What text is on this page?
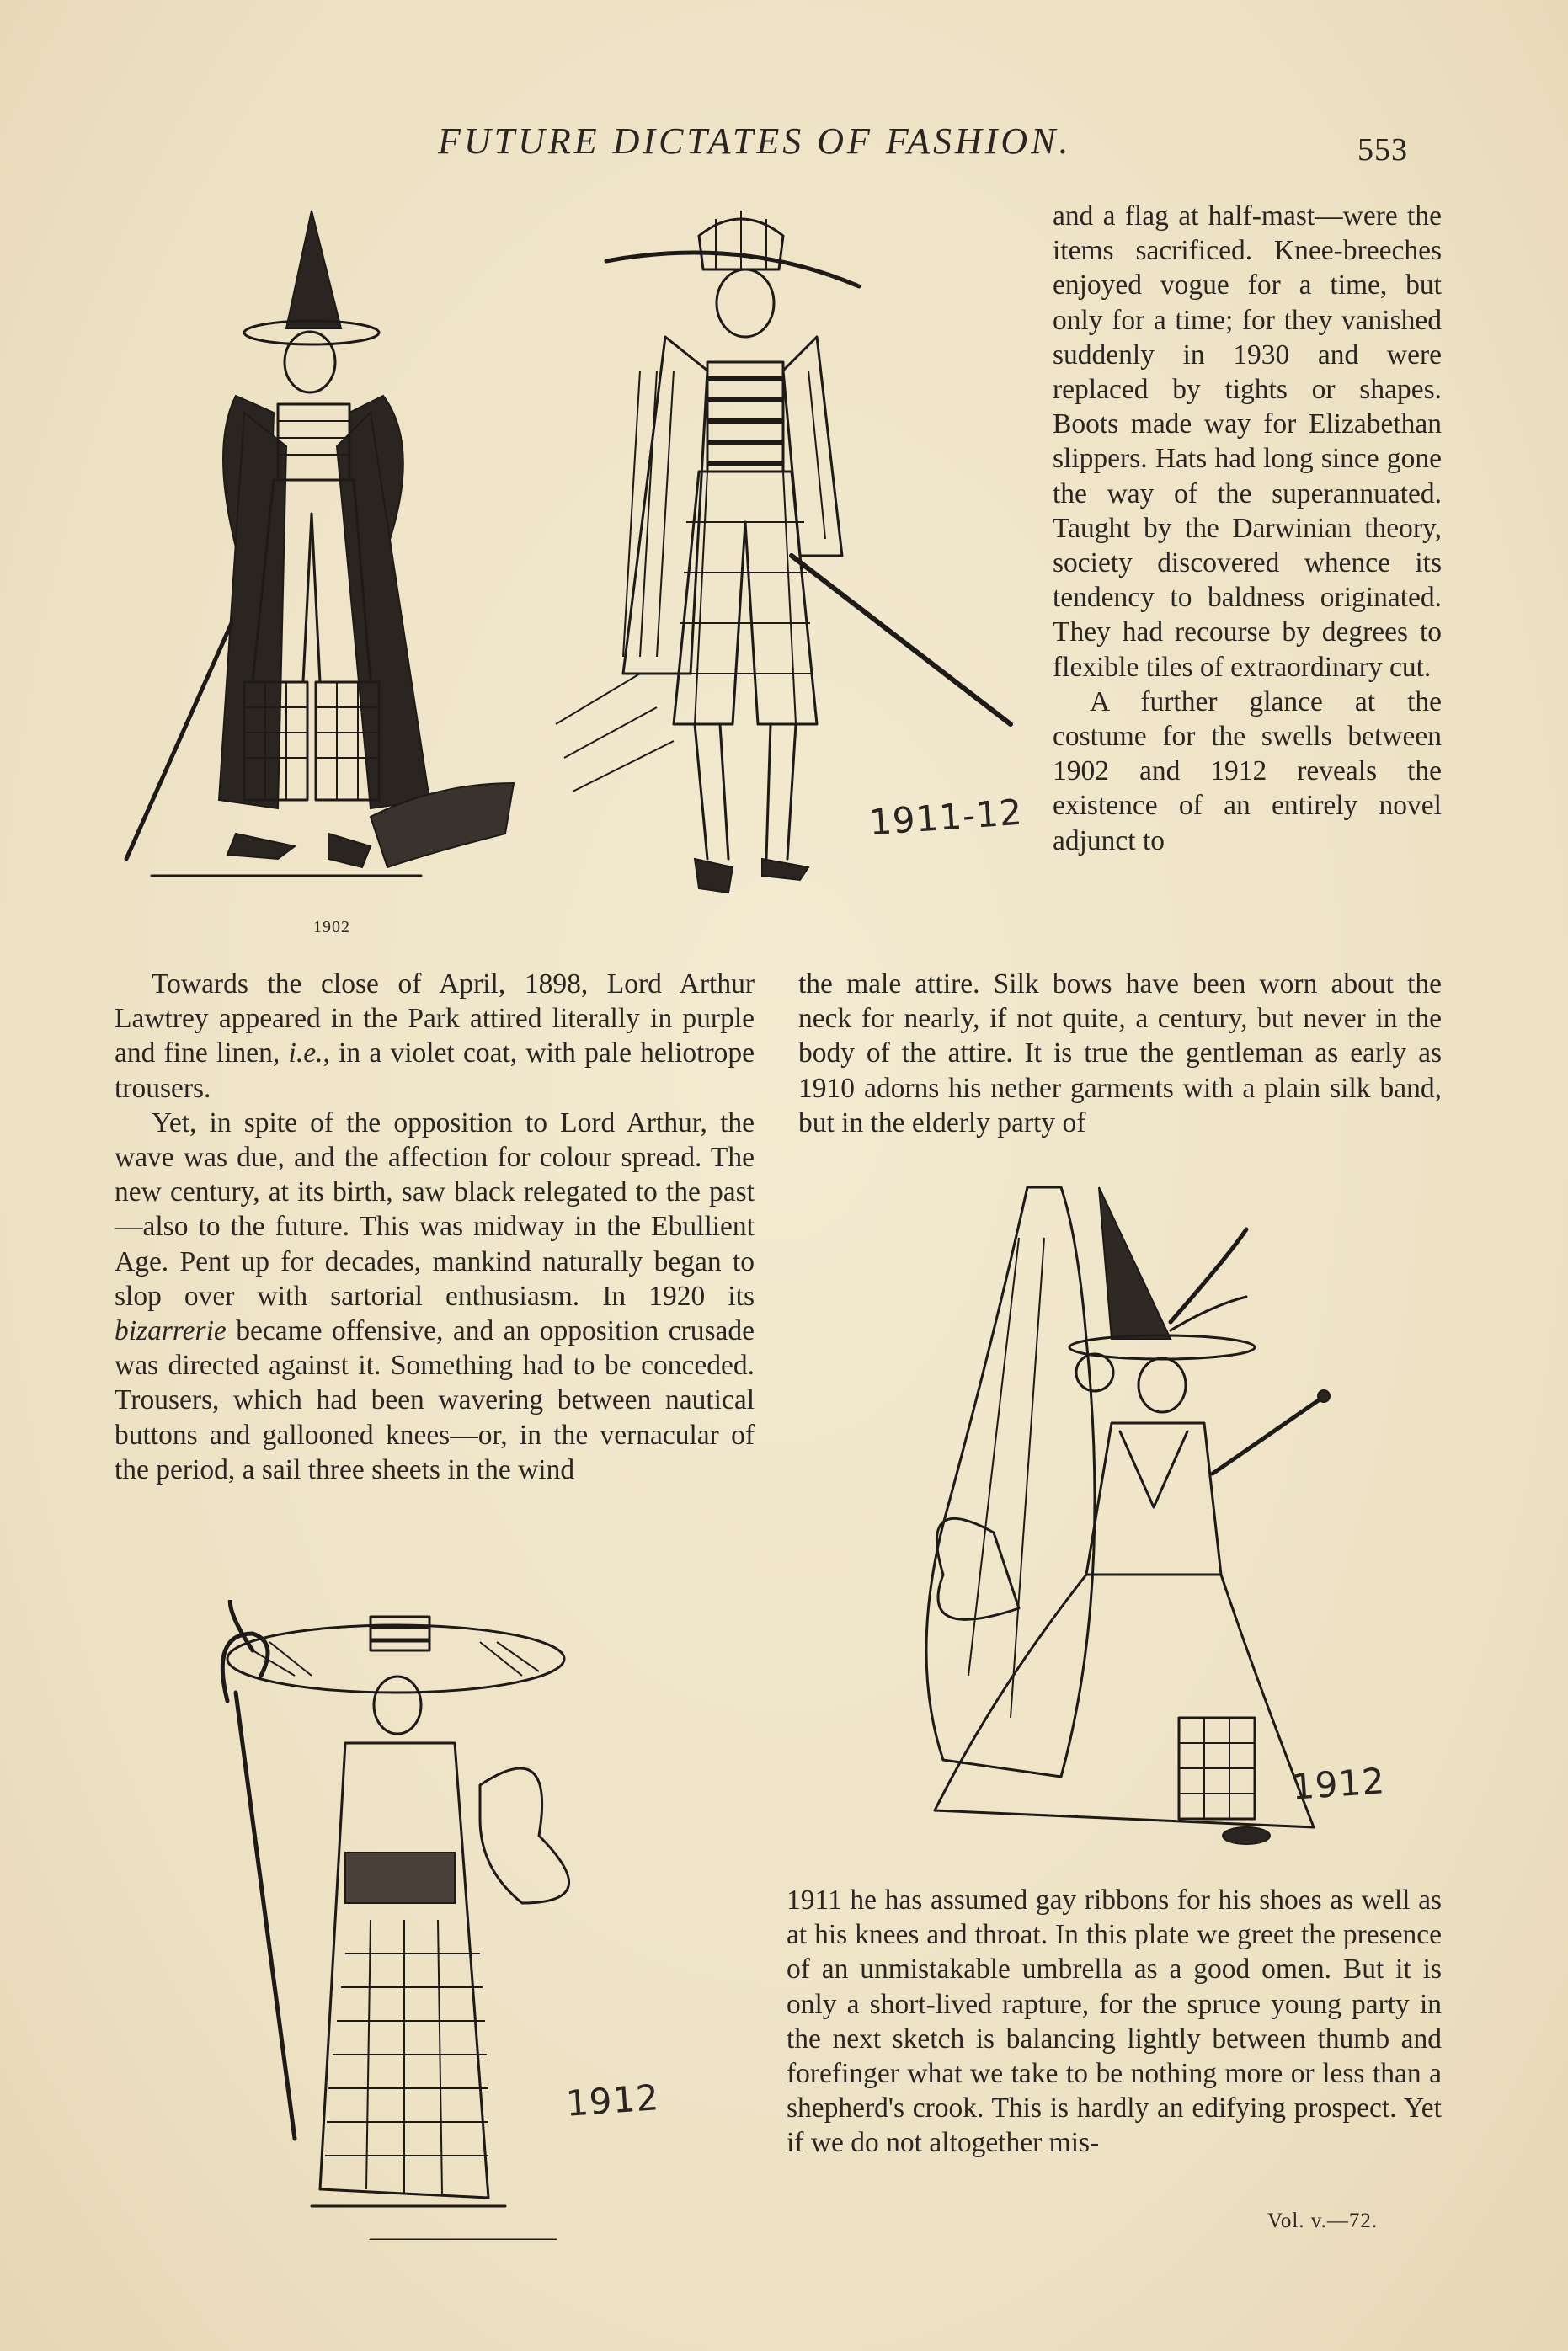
FUTURE DICTATES OF FASHION.	553
1902
1911-12

and a flag at half-mast—were the items sacrificed. Knee-breeches enjoyed vogue for a time, but only for a time; for they vanished suddenly in 1930 and were replaced by tights or shapes. Boots made way for Elizabethan slippers. Hats had long since gone the way of the superannuated. Taught by the Darwinian theory, society discovered whence its tendency to baldness originated. They had recourse by degrees to flexible tiles of extraordinary cut.

A further glance at the costume for the swells between 1902 and 1912 reveals the existence of an entirely novel adjunct to

the male attire. Silk bows have been worn about the neck for nearly, if not quite, a century, but never in the body of the attire. It is true the gentleman as early as 1910 adorns his nether garments with a plain silk band, but in the elderly party of

Towards the close of April, 1898, Lord Arthur Lawtrey appeared in the Park attired literally in purple and fine linen, i.e., in a violet coat, with pale heliotrope trousers.

Yet, in spite of the opposition to Lord Arthur, the wave was due, and the affection for colour spread. The new century, at its birth, saw black relegated to the past —also to the future. This was midway in the Ebullient Age. Pent up for decades, mankind naturally began to slop over with sartorial enthusiasm. In 1920 its bizarrerie became offensive, and an opposition crusade was directed against it. Something had to be conceded. Trousers, which had been wavering between nautical buttons and gallooned knees—or, in the vernacular of the period, a sail three sheets in the wind

1912
1912

1911 he has assumed gay ribbons for his shoes as well as at his knees and throat. In this plate we greet the presence of an unmistakable umbrella as a good omen. But it is only a short-lived rapture, for the spruce young party in the next sketch is balancing lightly between thumb and forefinger what we take to be nothing more or less than a shepherd's crook. This is hardly an edifying prospect. Yet if we do not altogether mis-

Vol. v.—72.
